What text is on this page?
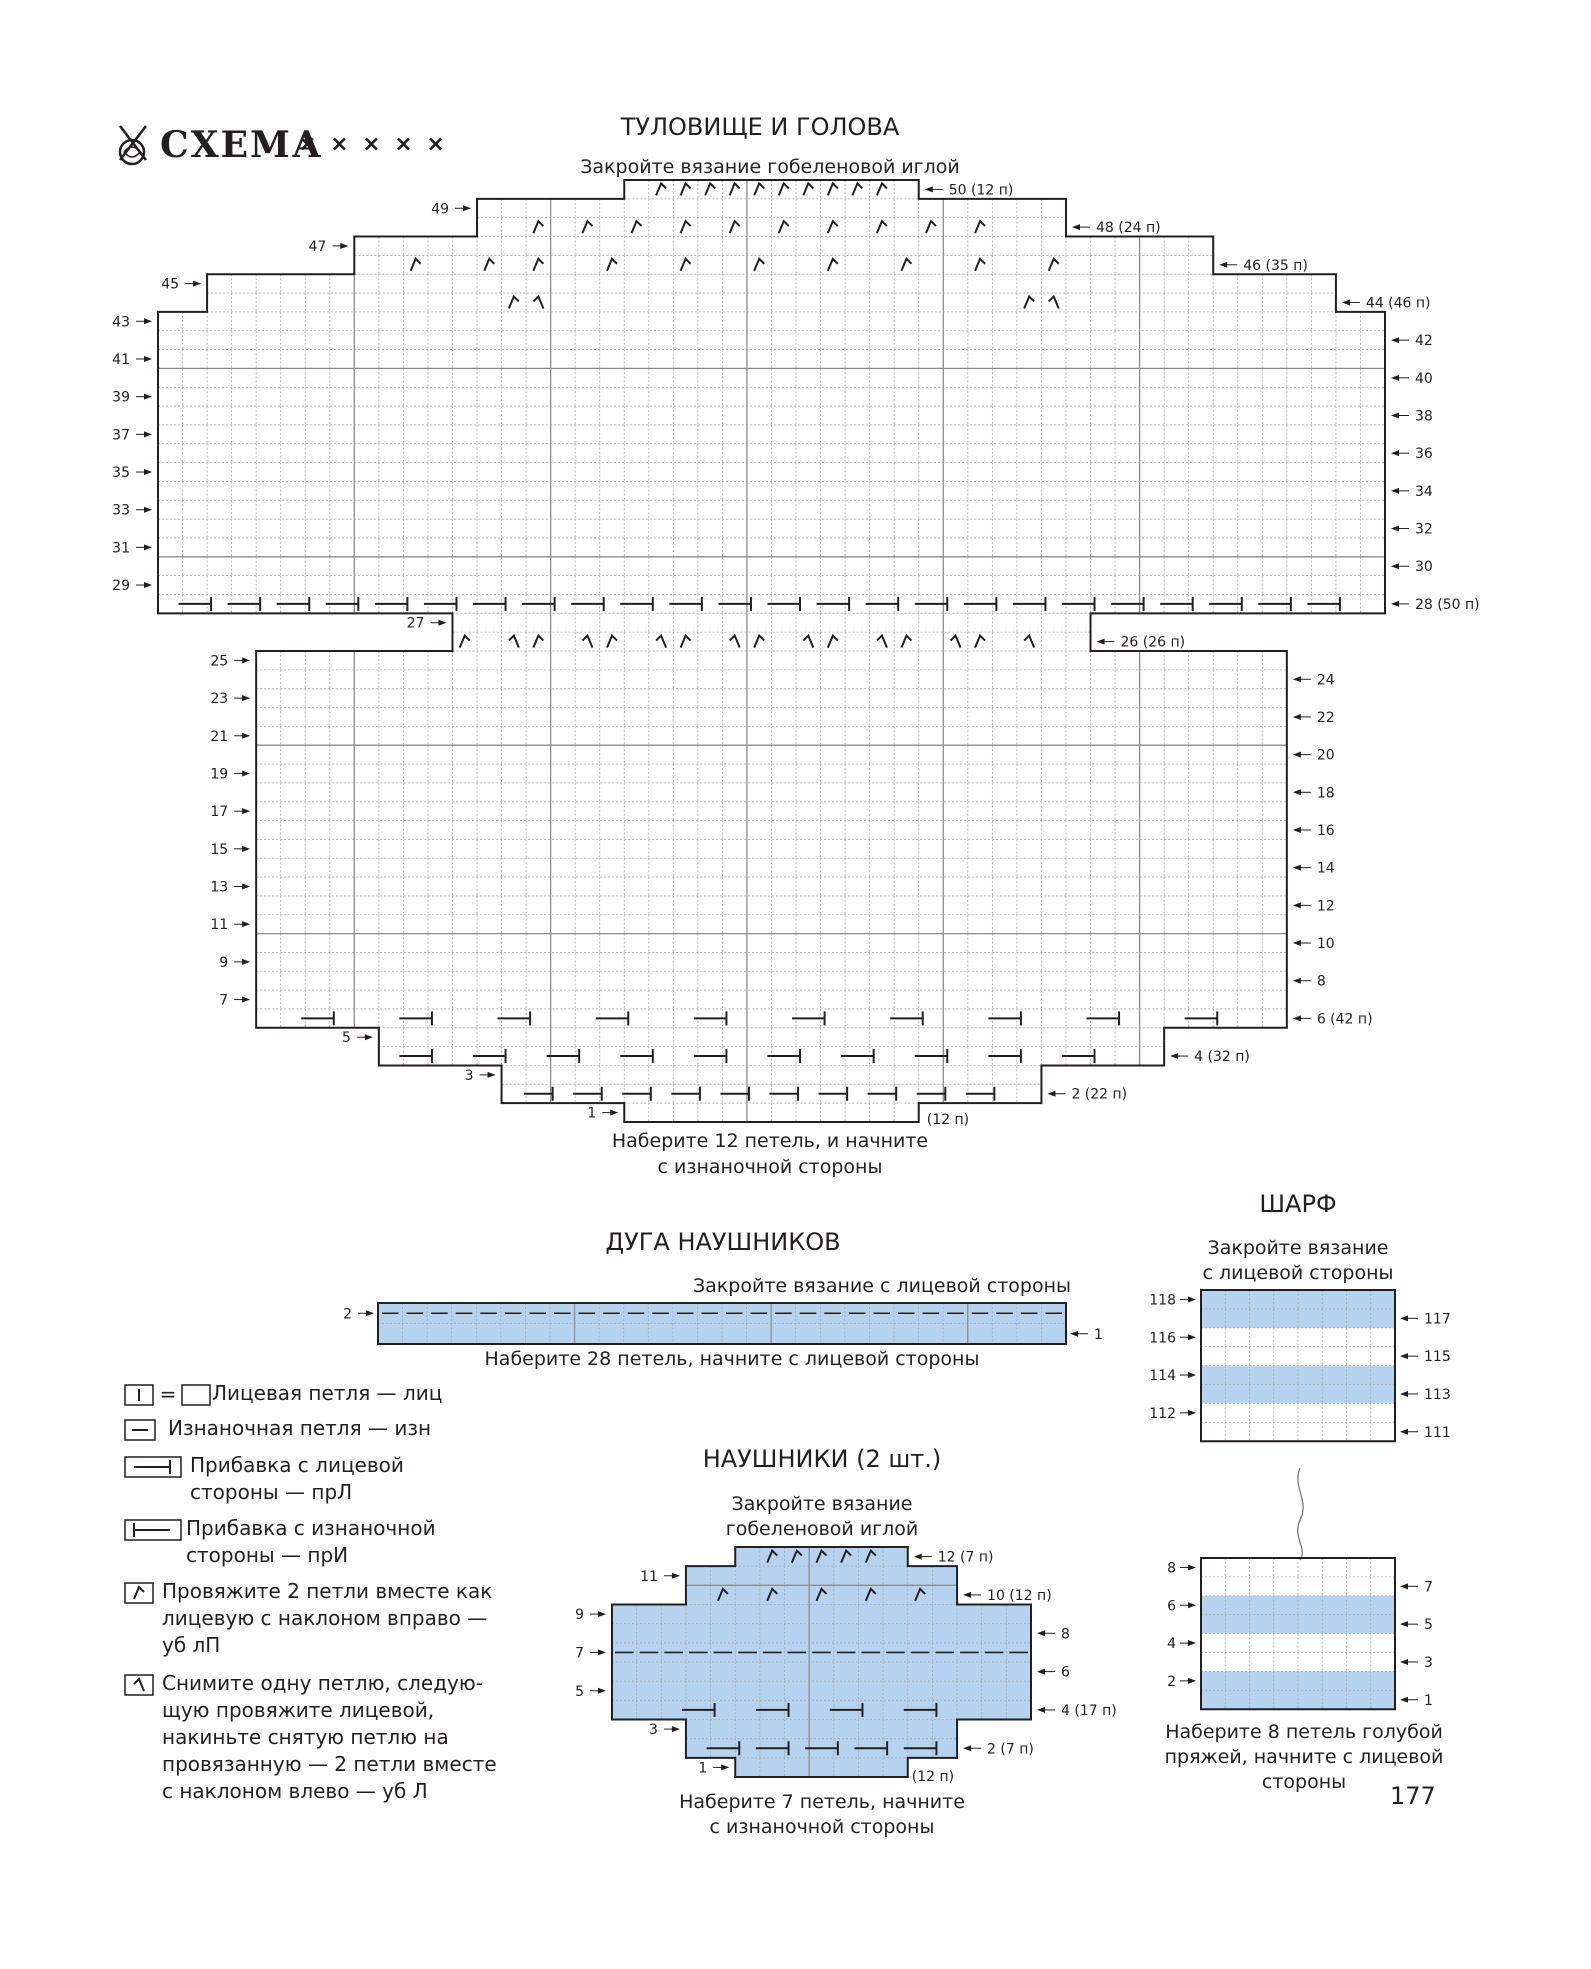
1
3
5
7
9
11
13
15
17
19
21
23
25
27
29
31
33
35
37
39
41
43
45
47
49
2 (22 п)
4 (32 п)
6 (42 п)
8
10
12
14
16
18
20
22
24
26 (26 п)
28 (50 п)
30
32
34
36
38
40
42
44 (46 п)
46 (35 п)
48 (24 п)
50 (12 п)
(12 п)
ТУЛОВИЩЕ И ГОЛОВА
Закройте вязание гобеленовой иглой
Наберите 12 петель, и начните
с изнаночной стороны
2
1
ДУГА НАУШНИКОВ
Закройте вязание с лицевой стороны
Наберите 28 петель, начните с лицевой стороны
1
3
5
7
9
11
2 (7 п)
4 (17 п)
6
8
10 (12 п)
12 (7 п)
(12 п)
НАУШНИКИ (2 шт.)
Закройте вязание
гобеленовой иглой
Наберите 7 петель, начните
с изнаночной стороны
112
114
116
118
111
113
115
117
2
4
6
8
1
3
5
7
ШАРФ
Закройте вязание
с лицевой стороны
Наберите 8 петель голубой
пряжей, начните с лицевой
стороны
СХЕМА
× × × × ×
= Лицевая петля — лиц
Изнаночная петля — изн
Прибавка с лицевой
стороны — прЛ
Прибавка с изнаночной
стороны — прИ
Провяжите 2 петли вместе как
лицевую с наклоном вправо —
уб лП
Снимите одну петлю, следую-
щую провяжите лицевой,
накиньте снятую петлю на
провязанную — 2 петли вместе
с наклоном влево — уб Л	177
